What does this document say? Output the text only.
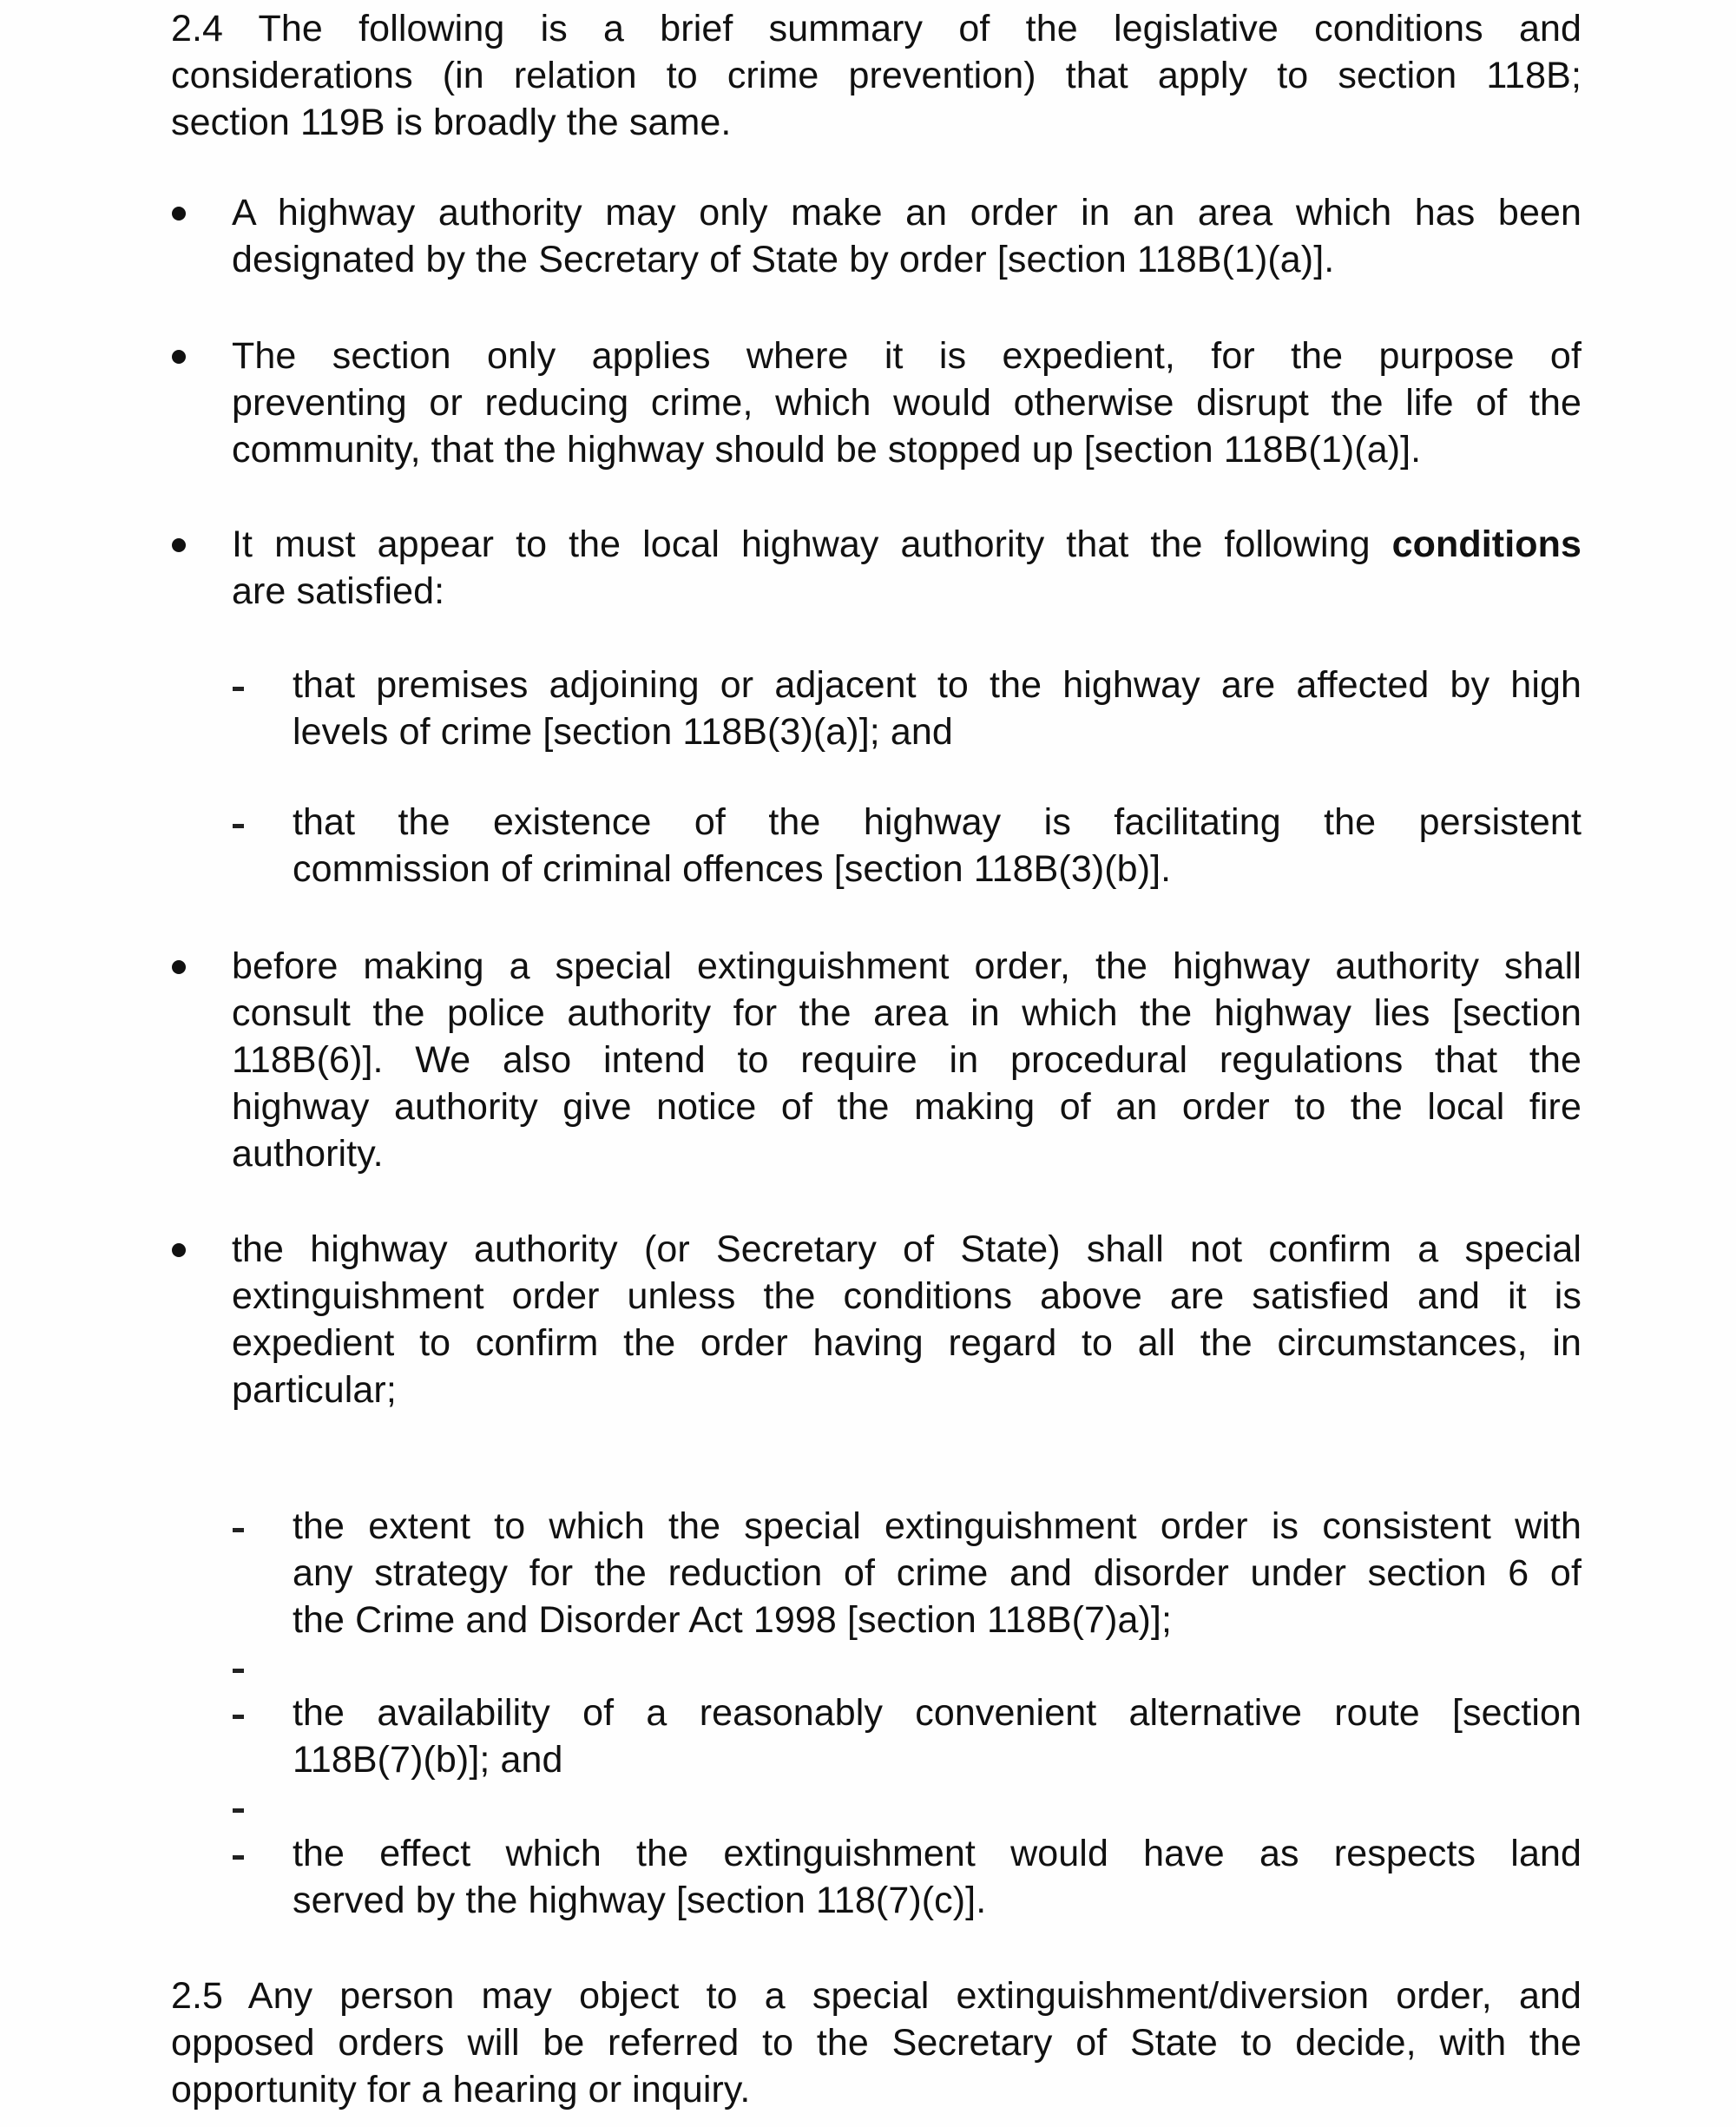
2.4 The following is a brief summary of the legislative conditions and
considerations (in relation to crime prevention) that apply to section 118B;
section 119B is broadly the same.
A highway authority may only make an order in an area which has been
designated by the Secretary of State by order [section 118B(1)(a)].
The section only applies where it is expedient, for the purpose of
preventing or reducing crime, which would otherwise disrupt the life of the
community, that the highway should be stopped up [section 118B(1)(a)].
It must appear to the local highway authority that the following conditions
are satisfied:
that premises adjoining or adjacent to the highway are affected by high
levels of crime [section 118B(3)(a)]; and
that the existence of the highway is facilitating the persistent
commission of criminal offences [section 118B(3)(b)].
before making a special extinguishment order, the highway authority shall
consult the police authority for the area in which the highway lies [section
118B(6)]. We also intend to require in procedural regulations that the
highway authority give notice of the making of an order to the local fire
authority.
the highway authority (or Secretary of State) shall not confirm a special
extinguishment order unless the conditions above are satisfied and it is
expedient to confirm the order having regard to all the circumstances, in
particular;
the extent to which the special extinguishment order is consistent with
any strategy for the reduction of crime and disorder under section 6 of
the Crime and Disorder Act 1998 [section 118B(7)a)];
the availability of a reasonably convenient alternative route [section
118B(7)(b)]; and
the effect which the extinguishment would have as respects land
served by the highway [section 118(7)(c)].
2.5 Any person may object to a special extinguishment/diversion order, and
opposed orders will be referred to the Secretary of State to decide, with the
opportunity for a hearing or inquiry.
